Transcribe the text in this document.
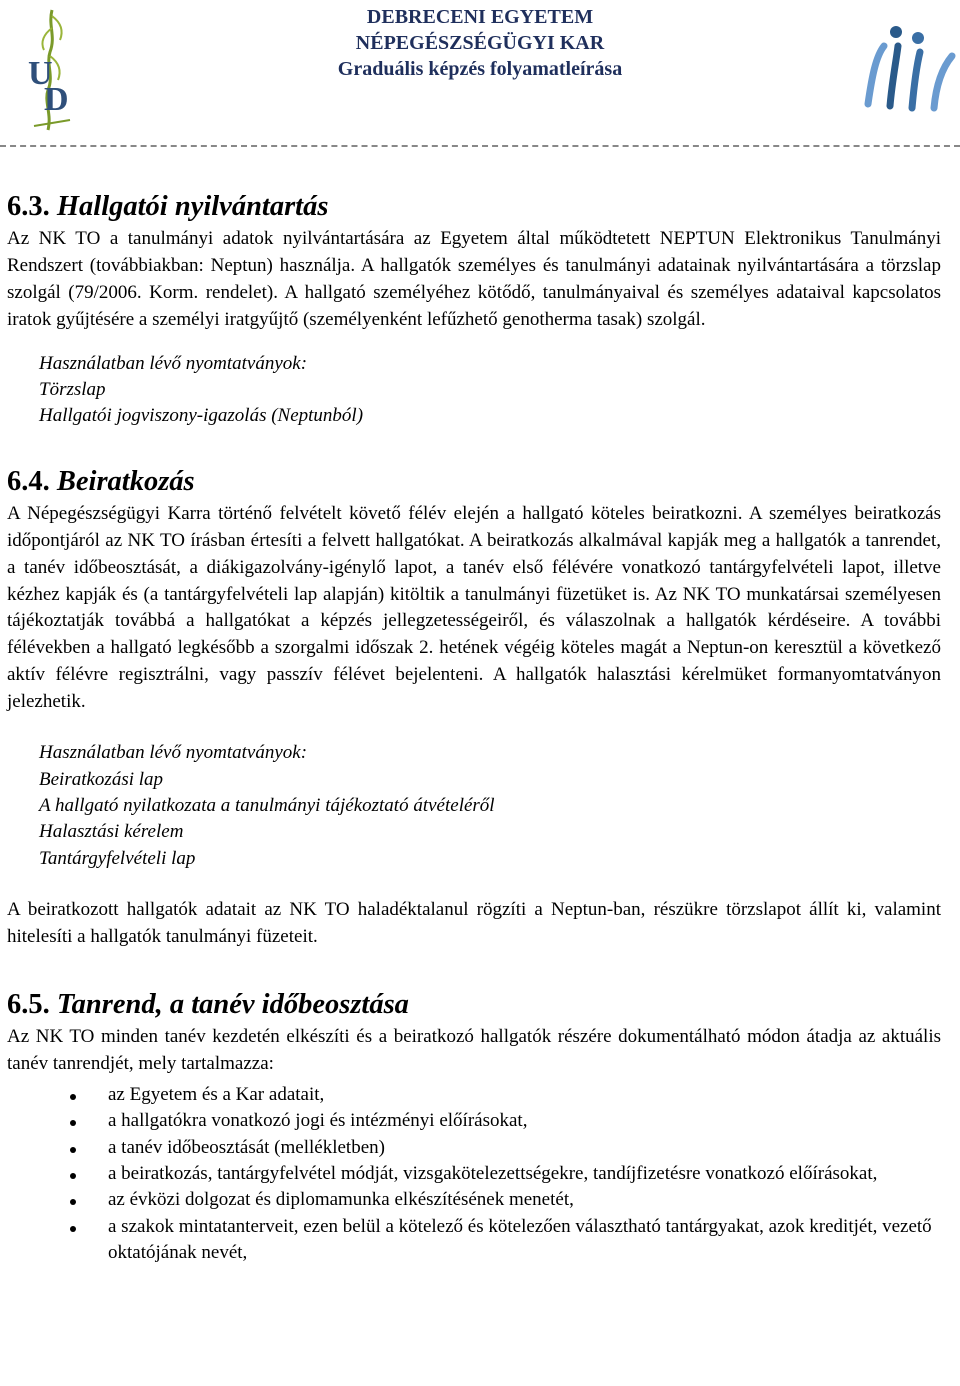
U
D
DEBRECENI EGYETEM
NÉPEGÉSZSÉGÜGYI KAR
Graduális képzés folyamatleírása
6.3. Hallgatói nyilvántartás

Az NK TO a tanulmányi adatok nyilvántartására az Egyetem által működtetett NEPTUN Elektronikus Tanulmányi Rendszert (továbbiakban: Neptun) használja. A hallgatók személyes és tanulmányi adatainak nyilvántartására a törzslap szolgál (79/2006. Korm. rendelet). A hallgató személyéhez kötődő, tanulmányaival és személyes adataival kapcsolatos iratok gyűjtésére a személyi iratgyűjtő (személyenként lefűzhető genotherma tasak) szolgál.

Használatban lévő nyomtatványok:
Törzslap
Hallgatói jogviszony-igazolás (Neptunból)
6.4. Beiratkozás

A Népegészségügyi Karra történő felvételt követő félév elején a hallgató köteles beiratkozni. A személyes beiratkozás időpontjáról az NK TO írásban értesíti a felvett hallgatókat. A beiratkozás alkalmával kapják meg a hallgatók a tanrendet, a tanév időbeosztását, a diákigazolvány-igénylő lapot, a tanév első félévére vonatkozó tantárgyfelvételi lapot, illetve kézhez kapják és (a tantárgyfelvételi lap alapján) kitöltik a tanulmányi füzetüket is. Az NK TO munkatársai személyesen tájékoztatják továbbá a hallgatókat a képzés jellegzetességeiről, és válaszolnak a hallgatók kérdéseire. A további félévekben a hallgató legkésőbb a szorgalmi időszak 2. hetének végéig köteles magát a Neptun-on keresztül a következő aktív félévre regisztrálni, vagy passzív félévet bejelenteni. A hallgatók halasztási kérelmüket formanyomtatványon jelezhetik.

Használatban lévő nyomtatványok:
Beiratkozási lap
A hallgató nyilatkozata a tanulmányi tájékoztató átvételéről
Halasztási kérelem
Tantárgyfelvételi lap

A beiratkozott hallgatók adatait az NK TO haladéktalanul rögzíti a Neptun-ban, részükre törzslapot állít ki, valamint hitelesíti a hallgatók tanulmányi füzeteit.

6.5. Tanrend, a tanév időbeosztása

Az NK TO minden tanév kezdetén elkészíti és a beiratkozó hallgatók részére dokumentálható módon átadja az aktuális tanév tanrendjét, mely tartalmazza:

az Egyetem és a Kar adatait,
a hallgatókra vonatkozó jogi és intézményi előírásokat,
a tanév időbeosztását (mellékletben)
a beiratkozás, tantárgyfelvétel módját, vizsgakötelezettségekre, tandíjfizetésre vonatkozó előírásokat,
az évközi dolgozat és diplomamunka elkészítésének menetét,
a szakok mintatanterveit, ezen belül a kötelező és kötelezően választható tantárgyakat, azok kreditjét, vezető oktatójának nevét,
